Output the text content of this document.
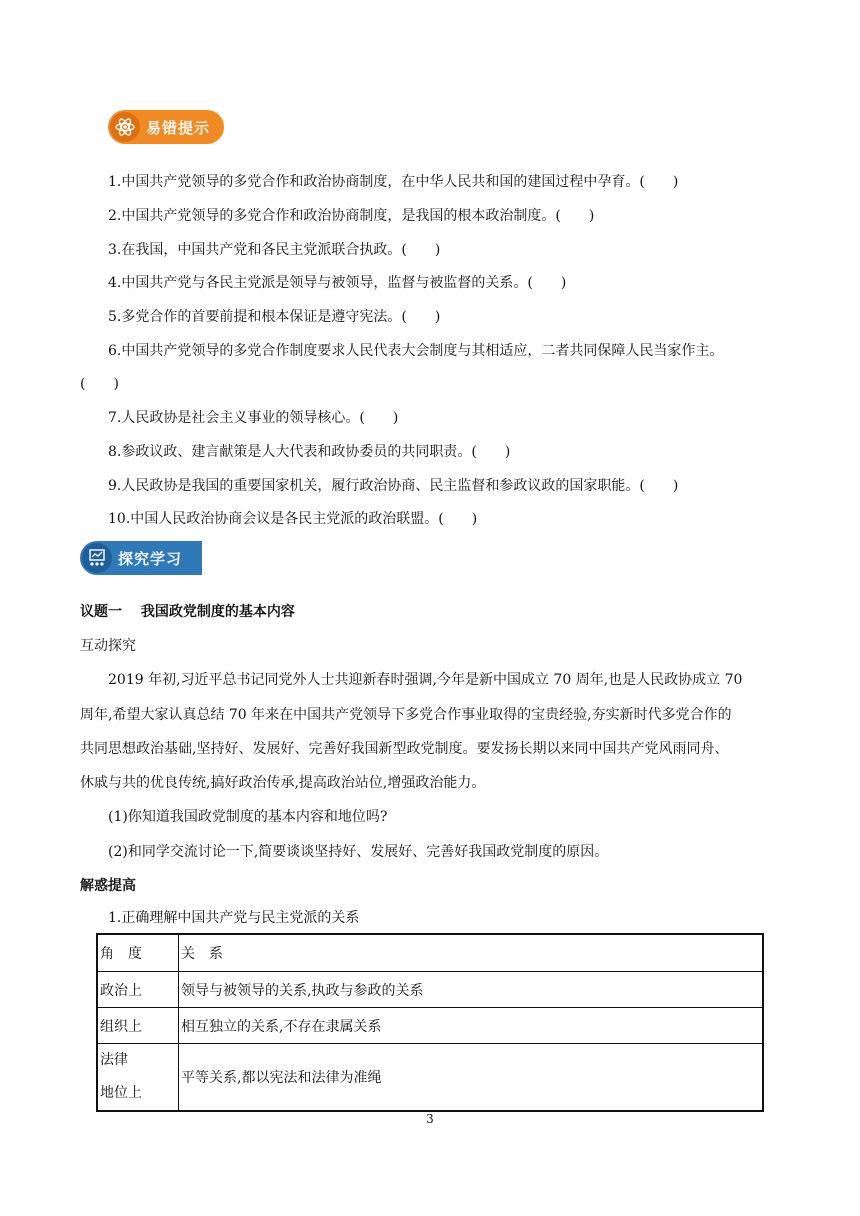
易错提示
1.中国共产党领导的多党合作和政治协商制度，在中华人民共和国的建国过程中孕育。(　　)
2.中国共产党领导的多党合作和政治协商制度，是我国的根本政治制度。(　　)
3.在我国，中国共产党和各民主党派联合执政。(　　)
4.中国共产党与各民主党派是领导与被领导，监督与被监督的关系。(　　)
5.多党合作的首要前提和根本保证是遵守宪法。(　　)
6.中国共产党领导的多党合作制度要求人民代表大会制度与其相适应，二者共同保障人民当家作主。
(　　)
7.人民政协是社会主义事业的领导核心。(　　)
8.参政议政、建言献策是人大代表和政协委员的共同职责。(　　)
9.人民政协是我国的重要国家机关，履行政治协商、民主监督和参政议政的国家职能。(　　)
10.中国人民政治协商会议是各民主党派的政治联盟。(　　)
探究学习
议题一　 我国政党制度的基本内容
互动探究
2019 年初,习近平总书记同党外人士共迎新春时强调,今年是新中国成立 70 周年,也是人民政协成立 70
周年,希望大家认真总结 70 年来在中国共产党领导下多党合作事业取得的宝贵经验,夯实新时代多党合作的
共同思想政治基础,坚持好、发展好、完善好我国新型政党制度。要发扬长期以来同中国共产党风雨同舟、
休戚与共的优良传统,搞好政治传承,提高政治站位,增强政治能力。
(1)你知道我国政党制度的基本内容和地位吗?
(2)和同学交流讨论一下,简要谈谈坚持好、发展好、完善好我国政党制度的原因。
解惑提高
1.正确理解中国共产党与民主党派的关系
角　度	关　系
政治上	领导与被领导的关系,执政与参政的关系
组织上	相互独立的关系,不存在隶属关系

法律
地位上	平等关系,都以宪法和法律为准绳
3
